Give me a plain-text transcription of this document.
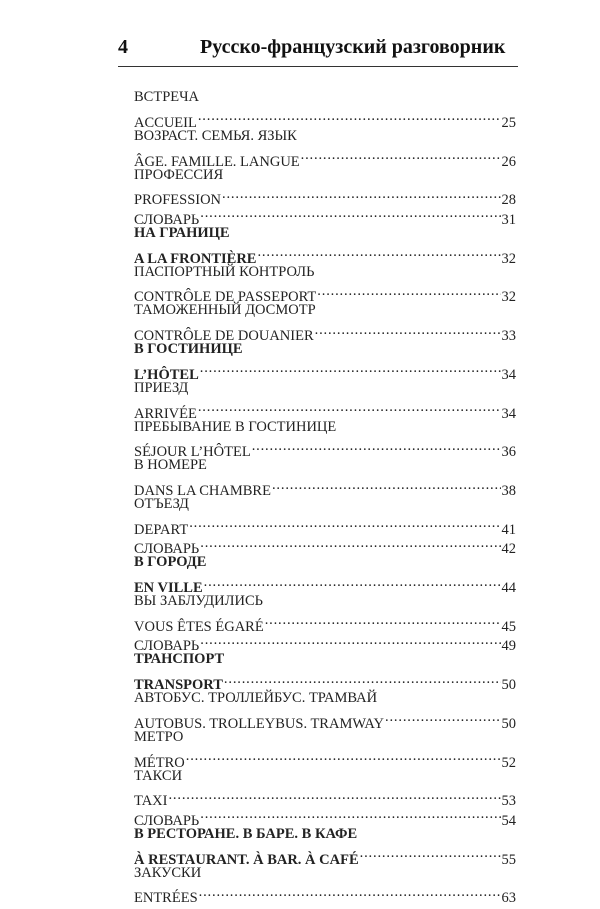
4	Русско-французский разговорник
ВСТРЕЧА
ACCUEIL . . .	25
ВОЗРАСТ. СЕМЬЯ. ЯЗЫК
ÂGE. FAMILLE. LANGUE . . .	26
ПРОФЕССИЯ
PROFESSION . . .	28
СЛОВАРЬ . . .	31
НА ГРАНИЦЕ
A LA FRONTIÈRE . . .	32
ПАСПОРТНЫЙ КОНТРОЛЬ
CONTRÔLE DE PASSEPORT . . .	32
ТАМОЖЕННЫЙ ДОСМОТР
CONTRÔLE DE DOUANIER . . .	33
В ГОСТИНИЦЕ
L’HÔTEL . . .	34
ПРИЕЗД
ARRIVÉE . . .	34
ПРЕБЫВАНИЕ В ГОСТИНИЦЕ
SÉJOUR L’HÔTEL . . .	36
В НОМЕРЕ
DANS LA CHAMBRE . . .	38
ОТЪЕЗД
DEPART . . .	41
СЛОВАРЬ . . .	42
В ГОРОДЕ
EN VILLE . . .	44
ВЫ ЗАБЛУДИЛИСЬ
VOUS ÊTES ÉGARÉ . . .	45
СЛОВАРЬ . . .	49
ТРАНСПОРТ
TRANSPORT . . .	50
АВТОБУС. ТРОЛЛЕЙБУС. ТРАМВАЙ
AUTOBUS. TROLLEYBUS. TRAMWAY . . .	50
МЕТРО
MÉTRO . . .	52
ТАКСИ
TAXI . . .	53
СЛОВАРЬ . . .	54
В РЕСТОРАНЕ. В БАРЕ. В КАФЕ
À RESTAURANT. À BAR. À CAFÉ . . .	55
ЗАКУСКИ
ENTRÉES . . .	63
